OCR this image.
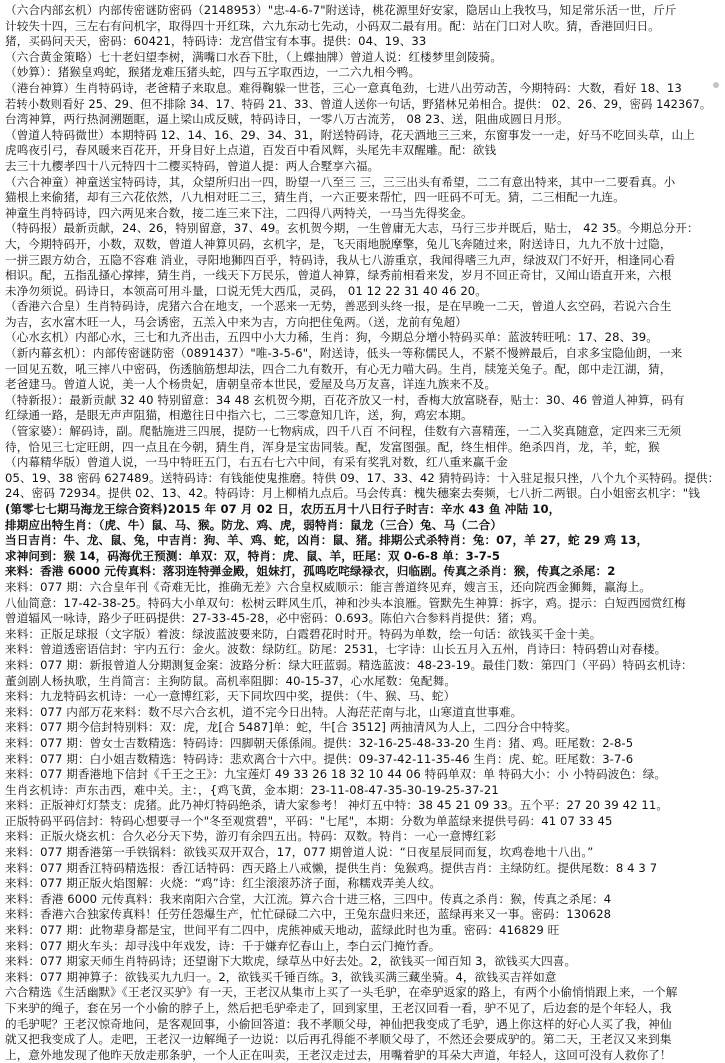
（六合内部玄机）内部传密谜防密码（2148953）"忠-4-6-7"附送诗，桃花源里好安家，隐居山上我牧马，知足常乐活一世，斤斤
计较失十四，三左右有问机字，取得四十开红珠，六九东动七先动，小码双二最有用。配：站在门口对人吹。猜，香港回归日。
猪，买码问天天，密码：60421，特码诗：龙宫借宝有本事。提供：04、19、33
（六合黄金策略）七十老妇望李树，满嘴口水吞下肚，（上蝶抽牌）曾道人说：红楼梦里剑陵骑。
（妙算）：猪猴皇鸡蛇，猴猪龙难压猪头蛇，四与五字取西边，一二六九相今鸭。
（港台神算）生肖特码诗，老爸精子来取息。难得鞠躲一世苍，三心一意真龟劲，七进八出劳动苦，今期特码：大数，看好 18、13
若转小数则看好 25、29、但不排除 34、17、特码 21、33、曾道人送你一句话，野猪林兄弟相合。提供： 02、26、29，密码 142367。
台湾神算，两行热洞溯题眶，逼上梁山成反贼，特码诗日，一零八万古流芳， 08 23、送，阻曲成圆日月形。
（曾道人特码微世）本期特码 12、14、16、29、34、31，附送特码诗，花天酒地三三来，东窗事发一一走，好马不吃回头草，山上
虎鸣夜引弓，春风暖来百花开，开身目好上点道，百发百中看风辉，头尾先丰双醒雕。配：欲钱
去三十九樱孝四十八元特四十二樱买特码，曾道人提：两人合墅享六福。
（六合神童）神童送宝特码诗，其，众望所归出一四，盼望一八至三 三，三三出头有希望，二二有意出特来，其中一二要看真。小
猫根上来偷猪，却有三六花依然，八九相对旺二三，猜生肖，一六正要来帮忙，四一旺码不可无。猜，二三相配一九连。
神童生肖特码诗，四六两见来合数，接二连三来下注，二四得八两特关，一马当先得奖金。
（特码报）最新贡献，24、26，特别留意，37、49。玄机贺今期，一生曾庸无大志，马行三步并既后，贴士， 42 35。今期总分开：
大，今期特码开，小数，双数，曾道人神算贝码，玄机字，是，飞天雨地脱摩擎，兔儿飞奔随过来，附送诗日，九九不放十过隐，
一拼三跟方幼合，五隐不容难 消业，寻阳地狮四百乎，特码诗，我从七八游重京，我闻得嗜三九声，绿波双门不好开，相逢同心看
相识。配，五指乱搔心撑摔，猜生肖，一线天下万民乐，曾道人神算，绿秀前相看来发，岁月不回正奇甘，又闻山语直开来，六根
未净勿须说。码诗日，本领高可用斗量，口说无凭大西瓜，灵码， 01 12 22 31 40 46 20。
（香港六合皇）生肖特码诗，虎猪六合在地支，一个恶来一无势，善恶到头终一报，是在早晚一二天，曾道人玄空码，若说六合生
为吉，玄水富木旺一人，马会诱密，五羔入中来为吉，方向把住兔两。（送，龙前有兔超）
（心水玄机）内部心水，三七和九齐出击，五四中小大力稀，生肖：狗，今期总分增小特码买单：蓝波转旺吼：17、28、39。
（新内幕玄机）：内部传密谜防密（0891437）"唯-3-5-6"，附送诗，低头一等称儒民人，不紧不慢辨最后，自求多宝隐仙朗，一来
一回见五数，吼三摔八中密码，伤透脑筋想却法，四合二九有数开，有心无力喵大码。生肖，牍笼关兔子。配，郎中走江湖，猜，
老爸建马。曾道人说，美一人个杨贵妃，唐朝皇帝本世民，爱屋及乌万友喜，详连九族来不及。
（特新报）：最新贡献 32 40 特别留意：34 48 玄机贺今期，百花齐放又一村，香梅大放富晓春，贴士：30、46 曾道人神算，码有
红绿通一路，是眼无声声阻猫，相邀往日中指六七，二三零意知几许，送，狗，鸡宏本期。
（管家婆）：解码诗，副。爬骷施进三四展，提防一七物病成，四千八百 不问程，佳数有六喜精莲，一二入奖真随意，定四来三无须
待，恰见三七定旺朗，四一点且在今朝，猜生肖，浑身是宝齿同装。配，发富图强。配，终生相伴。绝杀四肖，龙，羊，蛇，猴
（内幕精华版）曾道人说，一马中特旺五门，右五右七六中间，有采有奖乳对数，红八重来赢千金
05、19、38 密码 627489。送特码诗：有钱能使鬼推磨。特供 09、17、33、42 猜特码诗：十入驻足报只挫，八个九个买特码。提供：
24、密码 72934。提供 02、13、42。特码诗：月上柳梢九点后。马会传真：槐失穗案去奏频，七八折二两银。白小姐密玄机字："钱
(第零七七期马海龙王综合资料)2015 年 07 月 02 日，农历五月十八日行子时吉：辛水 43 鱼 冲陆 10，
排期应出特生肖：（虎、牛）鼠、马、猴。防龙、鸡、虎，弱特肖：鼠龙（三合）兔、马（二合）
当日吉肖：牛、龙、鼠、兔，中吉肖：狗、羊、鸡、蛇，凶肖：鼠、猪。排期公式杀特肖：兔：07，羊 27，蛇 29 鸡 13，
求神问到：猴 14，码海优王预测：单双：双，特肖：虎、鼠、羊，旺尾：双 0-6-8 单：3-7-5
来料：香港 6000 元传真料：落羽连特弹金殿，姐妹打，孤鸣吃咤绿禄衣，归临剧。传真之杀肖：猴，传真之杀尾：2
来料：077 期：六合皇年刊《奇难无比，推确无差》六合皇权威顺示：能言善道终见弃，嫂言玉，还向院西金狮舞，赢海上。
八仙简意：17-42-38-25。特码大小单双句：松树云畔风生爪，神和沙头本浪雁。管默先生神算：拆字，鸡。提示：白短西园赏红梅
曾道辐风一咏诗，路少子旺码提供：27-33-45-28，必中密码：0.693。陈伯六合参料肖提供：猪；鸡。
来料：正版足球报（文字版）着波：绿波蓝波要来防，白霞碧花时时开。特码为单数，绘一句话：欲钱买千金十美。
来料：曾道透密语信封：宇内五行：金火。波数：绿防红。防尾：2531，七字诗：山长五月入五州，肖诗曰：特码碧山对春楼。
来料：077 期：新报曾道人分期测复金案：波路分析：绿大旺蓝弱。精选蓝波：48-23-19。最佳门数：第四门（平码）特码玄机诗：
董剑剧人杨执歌，生肖简言：主狗防鼠。高机率阻脚：40-15-37，心水尾数：兔配舞。
来料：九龙特码玄机诗：一心一意博红彩，天下同坎四中奖，提供：（牛、猴、马、蛇）
来料：077 内部万花来料：数不尽六合玄机，道不完今日出特。人海茫茫南与北，山寒道直世事难。
来料：077 期今信封特别料：双：虎，龙[合 5487]单：蛇，牛[合 3512] 两抽清风为人上，二四分合中特奖。
来料：077 期：曾女士吉数精选：特码诗：四脚朝天係係闹。提供：32-16-25-48-33-20 生肖：猪、鸡。旺尾数：2-8-5
来料：077 期：白小姐吉数精选：特码诗：悲欢离合十六中。提供：09-37-42-11-35-46 生肖：虎、蛇。旺尾数：3-7-6
来料：077 期香港地下信封《千王之王》：九宝莲灯 49 33 26 18 32 10 44 06 特码单双：单 特码大小：小 小特码波色：绿。
生肖玄机诗：声东击西，难中关。主：，{鸡飞黄，金本期：23-11-08-47-35-30-19-25-37-21
来料：正版神灯灯禁支：虎猪。此乃神灯特码绝杀，请大家参考！ 神灯五中特：38 45 21 09 33。五个平：27 20 39 42 11。
正版特码平码信封：特码心想要寻一个"冬至观赏碧"，平码："七尾"，本期：分数为单蓝绿来提供号码：41 07 33 45
来料：正版火烧玄机：合久必分天下势，游刃有余四五出。特码：双数。特肖：一心一意博红彩
来料：077 期香港第一手铁锅料：欲钱买双开双合，17，077 期曾道人说：“日夜星辰同而复，坎鸡卷地十八出。”
来料：077 期香江特码精选报：香江话特码：西天路上八戒懒，提供生肖：兔猴鸡。提供吉肖：主绿防红。提供尾数：8 4 3 7
来料：077 期正版火焰图解：火烧：“鸡”诗：红尘滚滚苏济子面，称糯戏弄美人纹。
来料：香港 6000 元传真料：我来南阳六合堂，大江流。算六合十进三格，三四中。传真之杀肖：猴，传真之杀尾：4
来料：香港六合独家传真料！任劳任怨爆生产，忙忙碌碌二六中，王兔东盘归来还，蓝绿再来又一事。密码：130628
来料：077 期：此物辈身都是宝，世间平有二四中，虎熊神威天地动，蓝绿此时也为重。密码：416829 旺
来料：077 期火车头：却寻浅中年戏发，诗：千于嫌弃忆春山上，李白云门掩竹香。
来料：077 期家天师生肖特码诗；还望谢下大欺虎，绿草丛中好去处。2，欲钱买一闻百知 3，欲钱买大四喜。
来料：077 期神算子：欲钱买九九归一。2，欲钱买千锤百练。3，欲钱买满三藏坐骑。4，欲钱买吉祥如意
六合精选《生活幽默》《王老汉买驴》有一天，王老汉从集市上买了一头毛驴，在牵驴返家的路上，有两个小偷悄悄跟上来，一个解
下来驴的绳子，套在另一个小偷的脖子上，然后把毛驴牵走了，回到家里，王老汉回看一看，驴不见了，后边套的是个年轻人，我
的毛驴呢？王老汉惊奇地问，是客观回事，小偷回答道：我不孝顺父母，神仙把我变成了毛驴，遇上你这样的好心人买了我，神仙
就又把我变成了人。走吧，王老汉一边解绳子一边说：以后再孔得能不孝顺父母了，不然还会要成驴的。第二天，王老汉又来到集
上，意外地发现了他昨天放走那条驴，一个人正在叫卖，王老汉走过去，用嘴着驴的耳朵大声道，年轻人，这回可没有人救你了！
